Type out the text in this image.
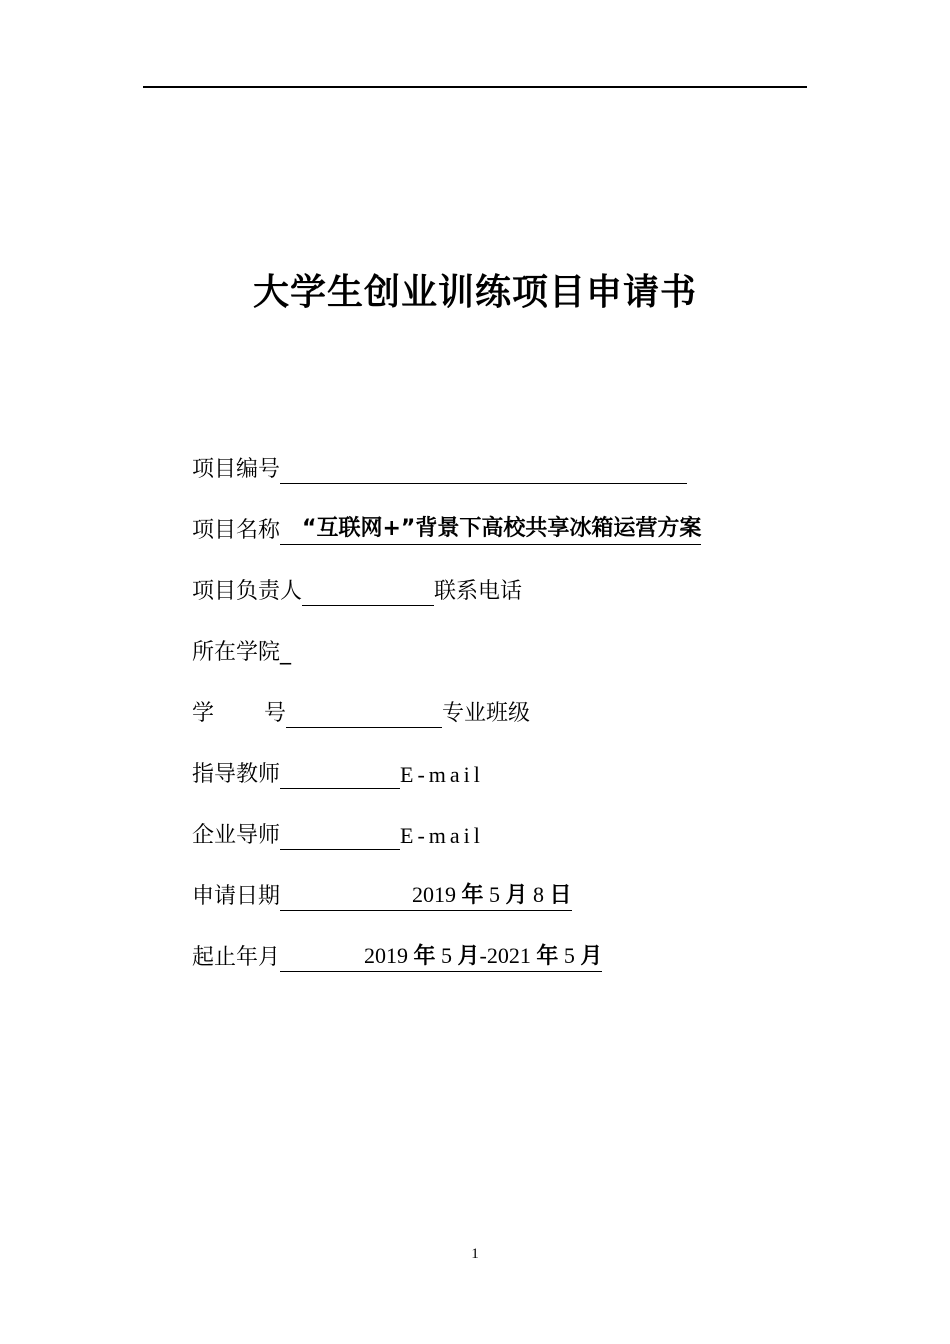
大学生创业训练项目申请书
项目编号
项目名称	“互联网+”背景下高校共享冰箱运营方案
项目负责人	联系电话
所在学院_
学 号	专业班级
指导教师	E-mail
企业导师	E-mail
申请日期	2019 年 5 月 8 日
起止年月	2019 年 5 月-2021 年 5 月
1
